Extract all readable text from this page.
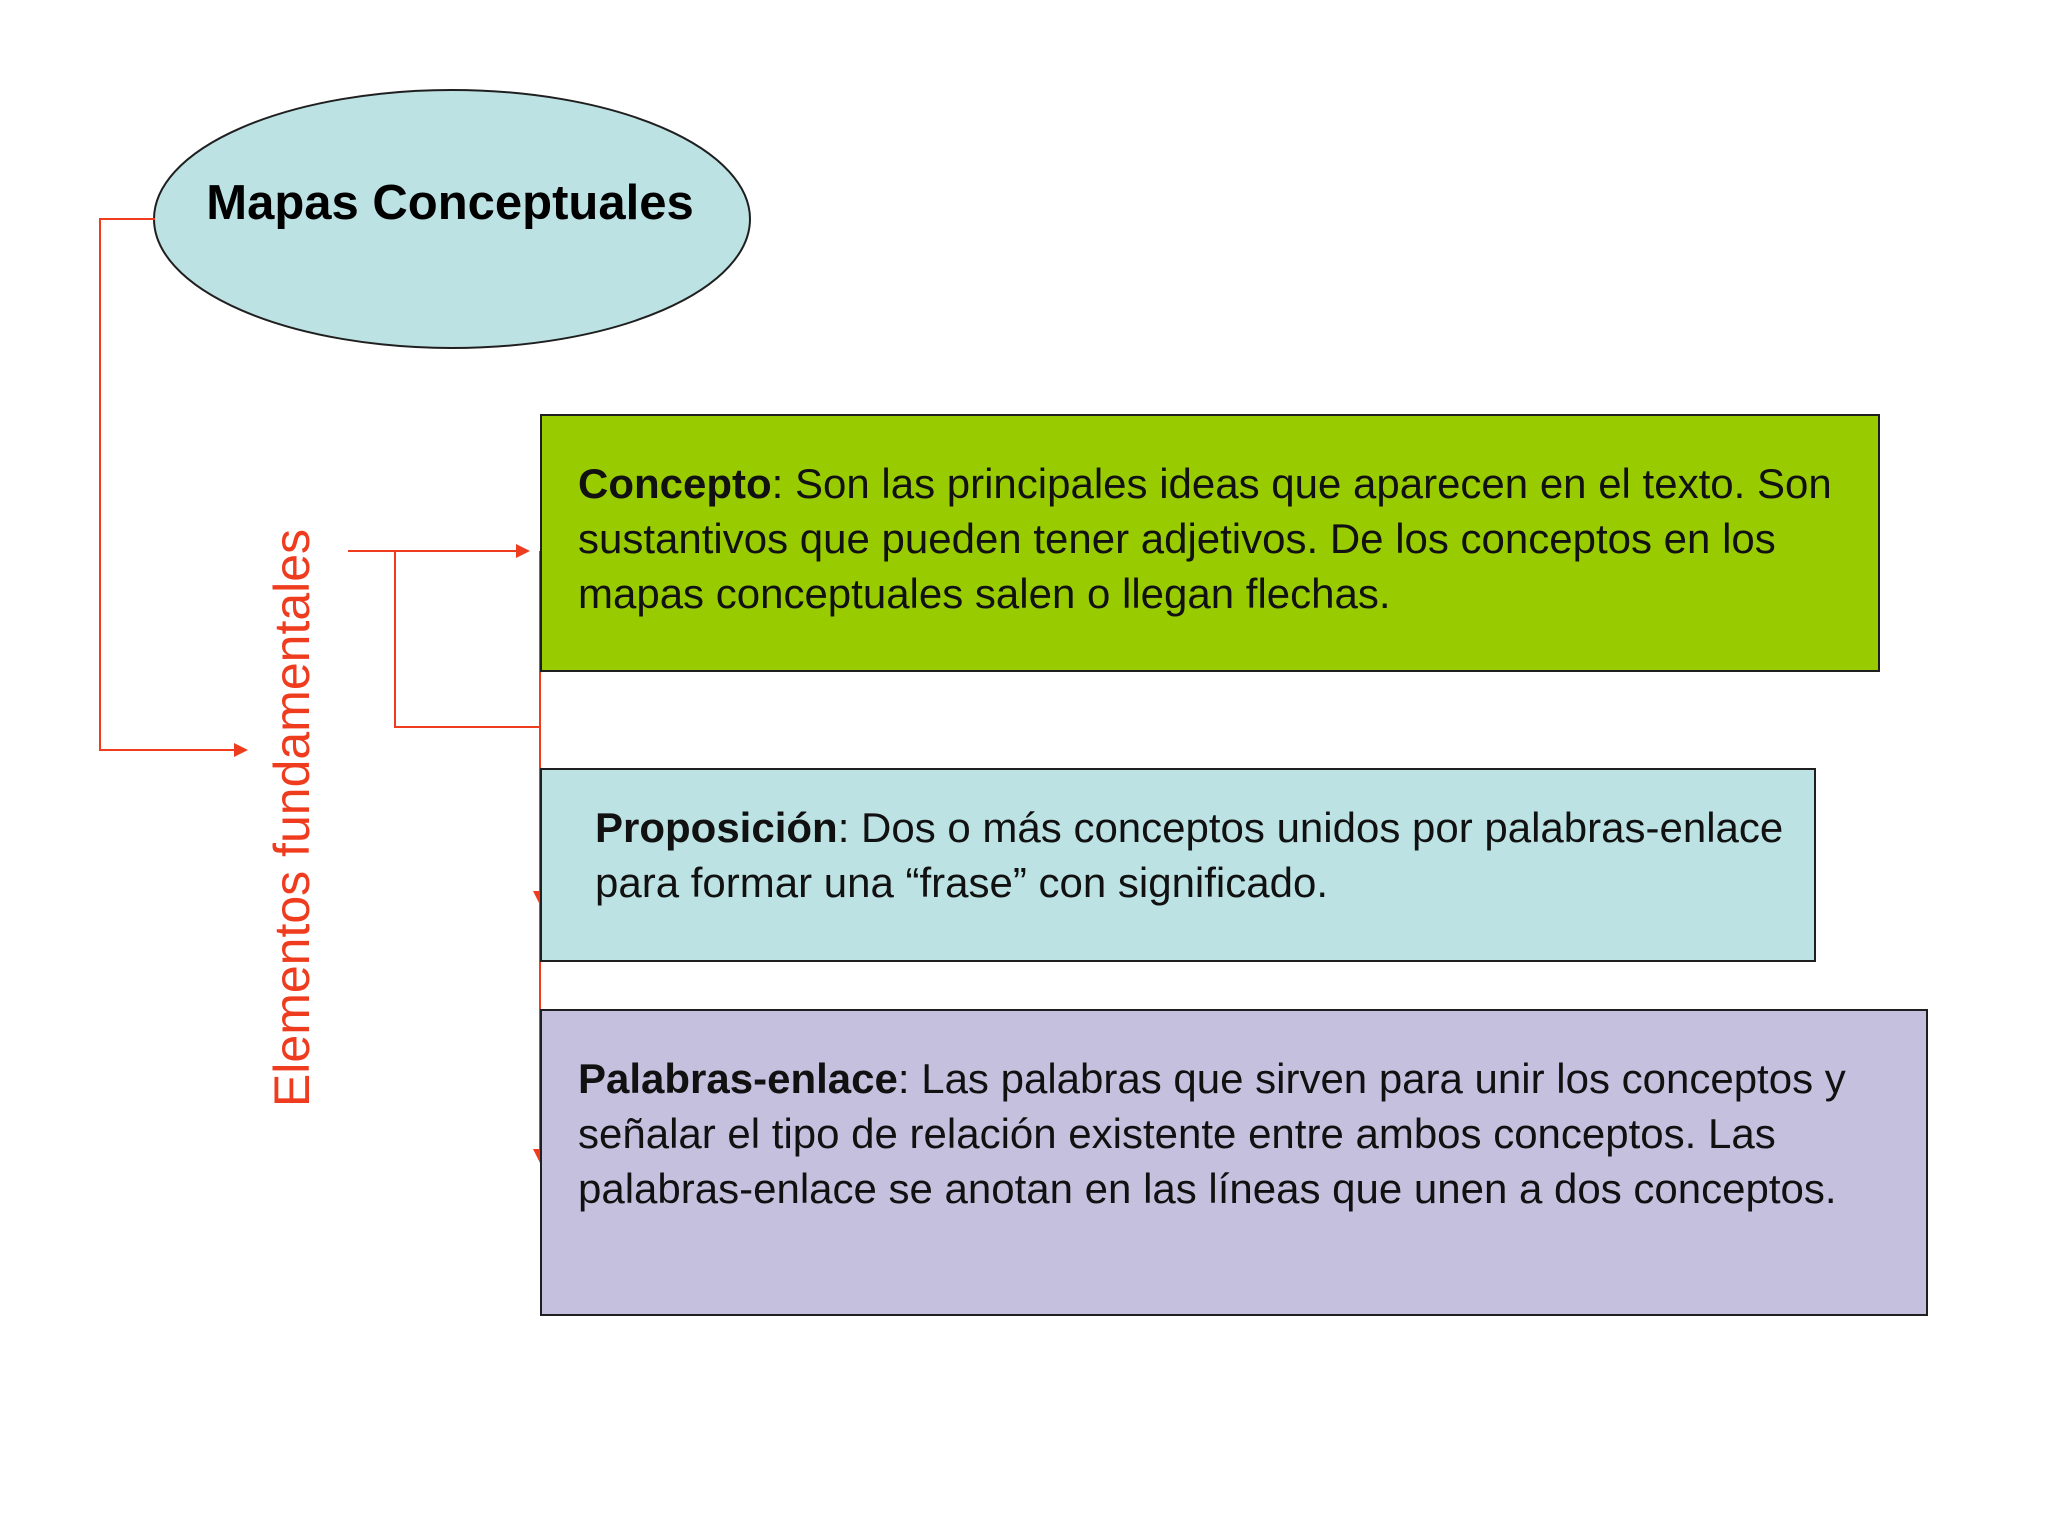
Mapas Conceptuales
Elementos fundamentales
Concepto: Son las principales ideas que aparecen en el texto. Son sustantivos que pueden tener adjetivos. De los conceptos en los mapas conceptuales salen o llegan flechas.
Proposición: Dos o más conceptos unidos por palabras-enlace para formar una “frase” con significado.
Palabras-enlace: Las palabras que sirven para unir los conceptos y señalar el tipo de relación existente entre ambos conceptos. Las palabras-enlace se anotan en las líneas que unen a dos conceptos.
